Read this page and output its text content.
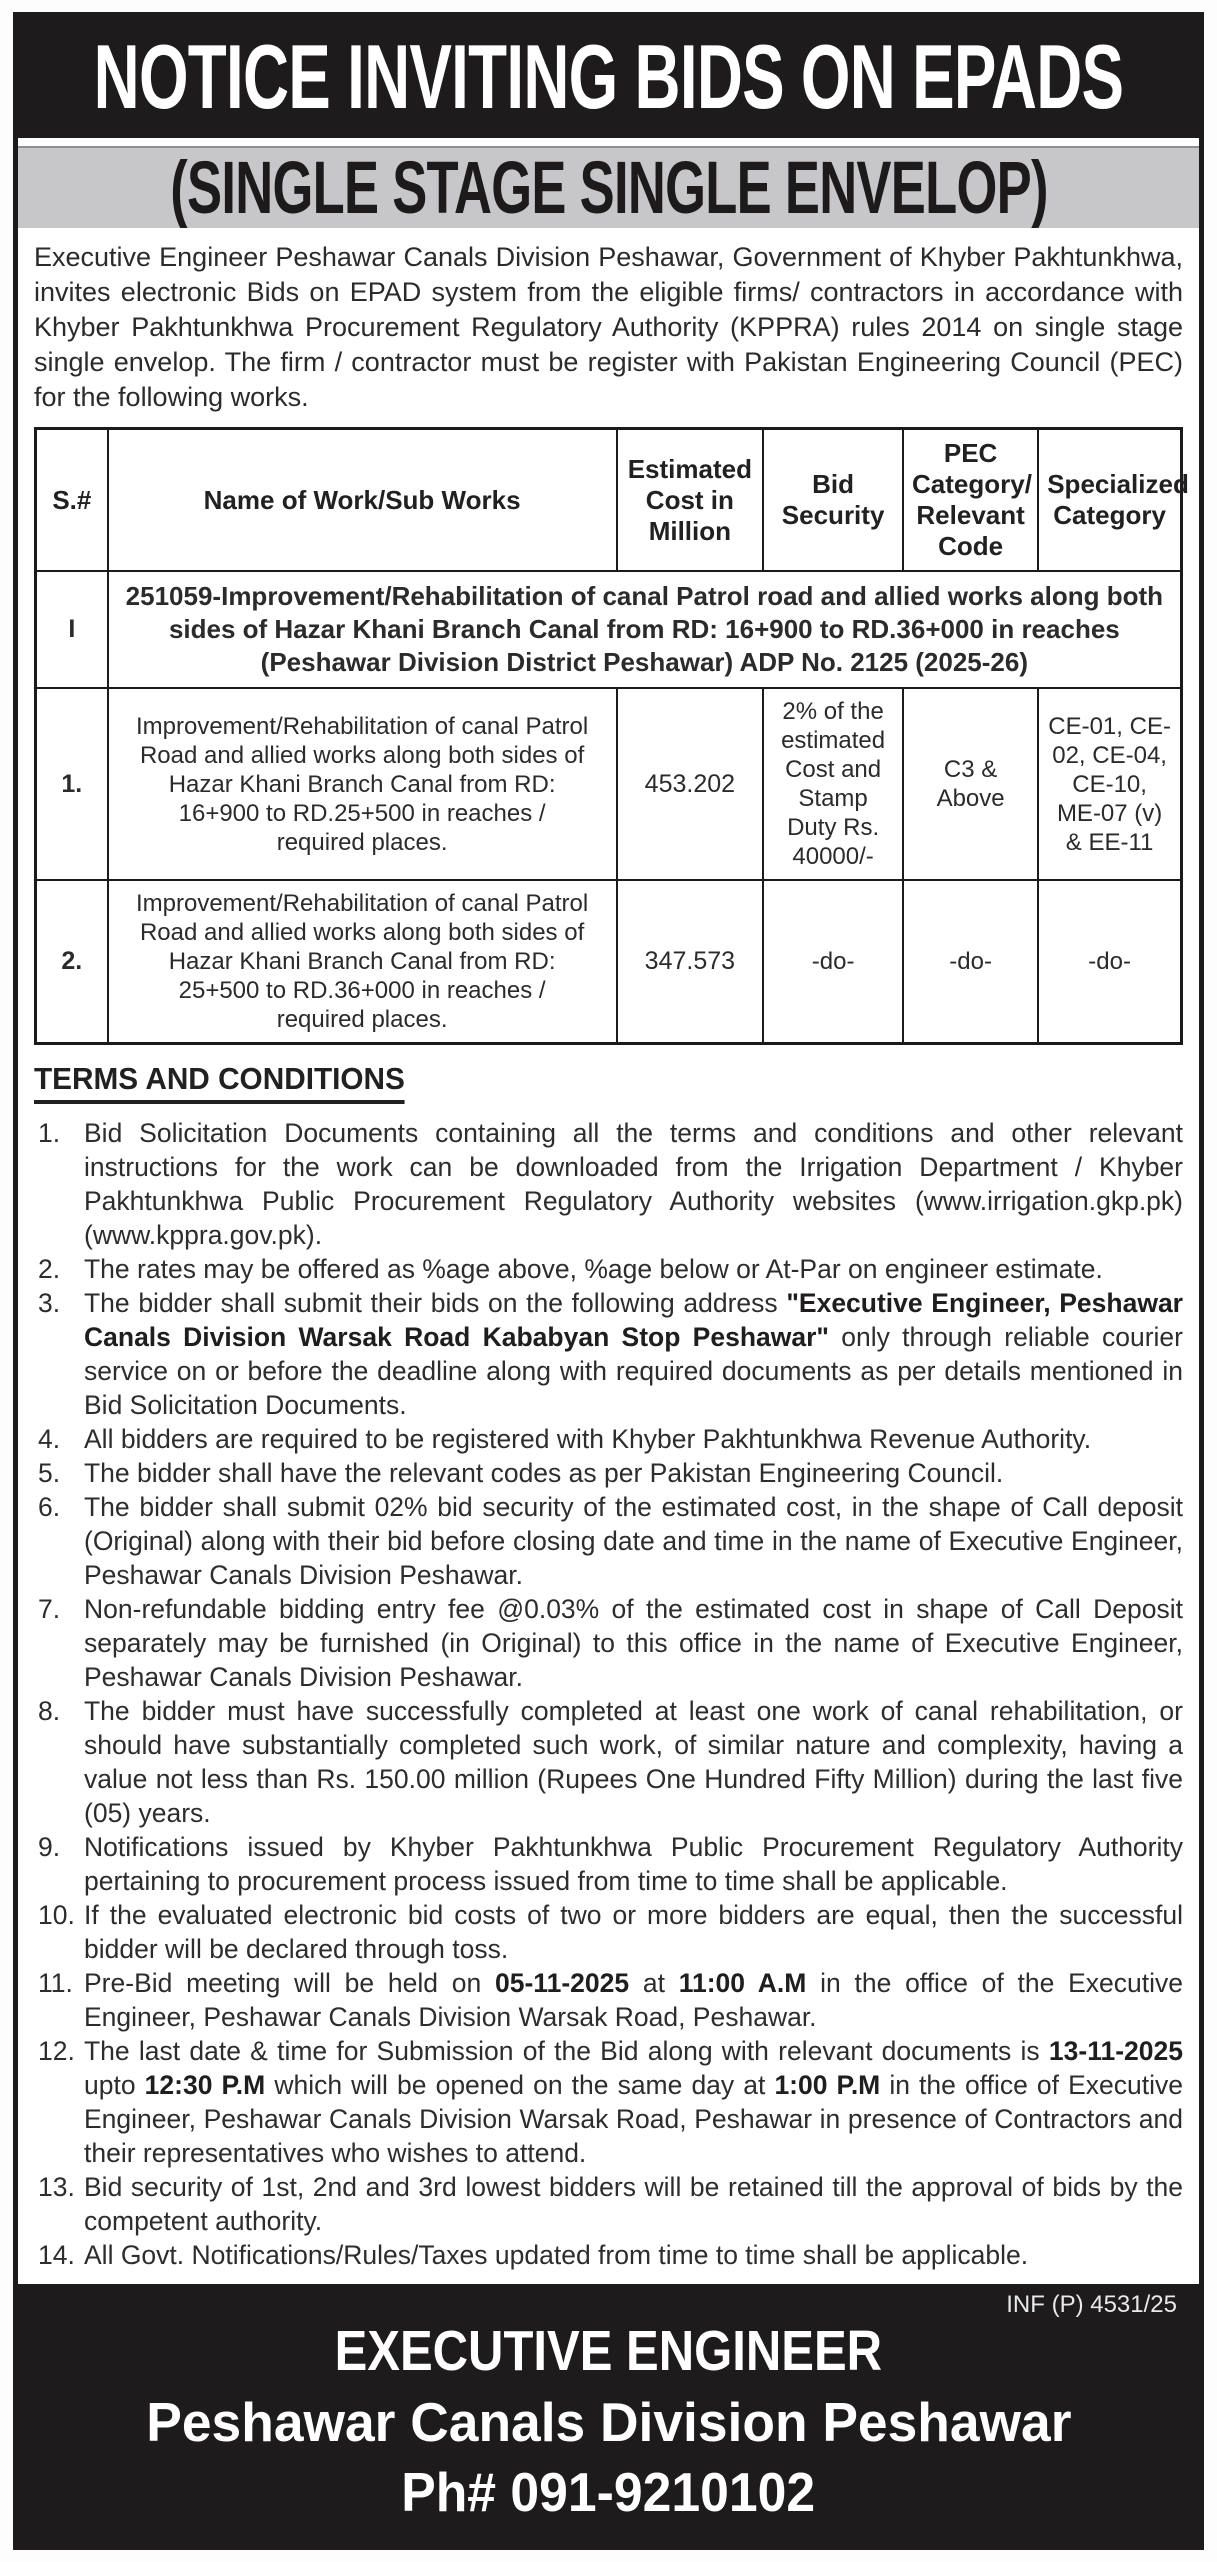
NOTICE INVITING BIDS ON EPADS
(SINGLE STAGE SINGLE ENVELOP)

Executive Engineer Peshawar Canals Division Peshawar, Government of Khyber Pakhtunkhwa, invites electronic Bids on EPAD system from the eligible firms/ contractors in accordance with Khyber Pakhtunkhwa Procurement Regulatory Authority (KPPRA) rules 2014 on single stage single envelop. The firm / contractor must be register with Pakistan Engineering Council (PEC) for the following works.

S.#	Name of Work/Sub Works	Estimated Cost in Million	Bid Security	PEC Category/ Relevant Code	Specialized Category
I	251059-Improvement/Rehabilitation of canal Patrol road and allied works along both sides of Hazar Khani Branch Canal from RD: 16+900 to RD.36+000 in reaches (Peshawar Division District Peshawar) ADP No. 2125 (2025-26)				
1.	Improvement/Rehabilitation of canal Patrol Road and allied works along both sides of Hazar Khani Branch Canal from RD: 16+900 to RD.25+500 in reaches / required places.	453.202	2% of the estimated Cost and Stamp Duty Rs. 40000/-	C3 & Above	CE-01, CE-02, CE-04, CE-10, ME-07 (v) & EE-11
2.	Improvement/Rehabilitation of canal Patrol Road and allied works along both sides of Hazar Khani Branch Canal from RD: 25+500 to RD.36+000 in reaches / required places.	347.573	-do-	-do-	-do-
TERMS AND CONDITIONS
1. Bid Solicitation Documents containing all the terms and conditions and other relevant instructions for the work can be downloaded from the Irrigation Department / Khyber Pakhtunkhwa Public Procurement Regulatory Authority websites (www.irrigation.gkp.pk) (www.kppra.gov.pk).
2. The rates may be offered as %age above, %age below or At-Par on engineer estimate.
3. The bidder shall submit their bids on the following address "Executive Engineer, Peshawar Canals Division Warsak Road Kababyan Stop Peshawar" only through reliable courier service on or before the deadline along with required documents as per details mentioned in Bid Solicitation Documents.
4. All bidders are required to be registered with Khyber Pakhtunkhwa Revenue Authority.
5. The bidder shall have the relevant codes as per Pakistan Engineering Council.
6. The bidder shall submit 02% bid security of the estimated cost, in the shape of Call deposit (Original) along with their bid before closing date and time in the name of Executive Engineer, Peshawar Canals Division Peshawar.
7. Non-refundable bidding entry fee @0.03% of the estimated cost in shape of Call Deposit separately may be furnished (in Original) to this office in the name of Executive Engineer, Peshawar Canals Division Peshawar.
8. The bidder must have successfully completed at least one work of canal rehabilitation, or should have substantially completed such work, of similar nature and complexity, having a value not less than Rs. 150.00 million (Rupees One Hundred Fifty Million) during the last five (05) years.
9. Notifications issued by Khyber Pakhtunkhwa Public Procurement Regulatory Authority pertaining to procurement process issued from time to time shall be applicable.
10. If the evaluated electronic bid costs of two or more bidders are equal, then the successful bidder will be declared through toss.
11. Pre-Bid meeting will be held on 05-11-2025 at 11:00 A.M in the office of the Executive Engineer, Peshawar Canals Division Warsak Road, Peshawar.
12. The last date & time for Submission of the Bid along with relevant documents is 13-11-2025 upto 12:30 P.M which will be opened on the same day at 1:00 P.M in the office of Executive Engineer, Peshawar Canals Division Warsak Road, Peshawar in presence of Contractors and their representatives who wishes to attend.
13. Bid security of 1st, 2nd and 3rd lowest bidders will be retained till the approval of bids by the competent authority.
14. All Govt. Notifications/Rules/Taxes updated from time to time shall be applicable.
INF (P) 4531/25
EXECUTIVE ENGINEER
Peshawar Canals Division Peshawar
Ph# 091-9210102
